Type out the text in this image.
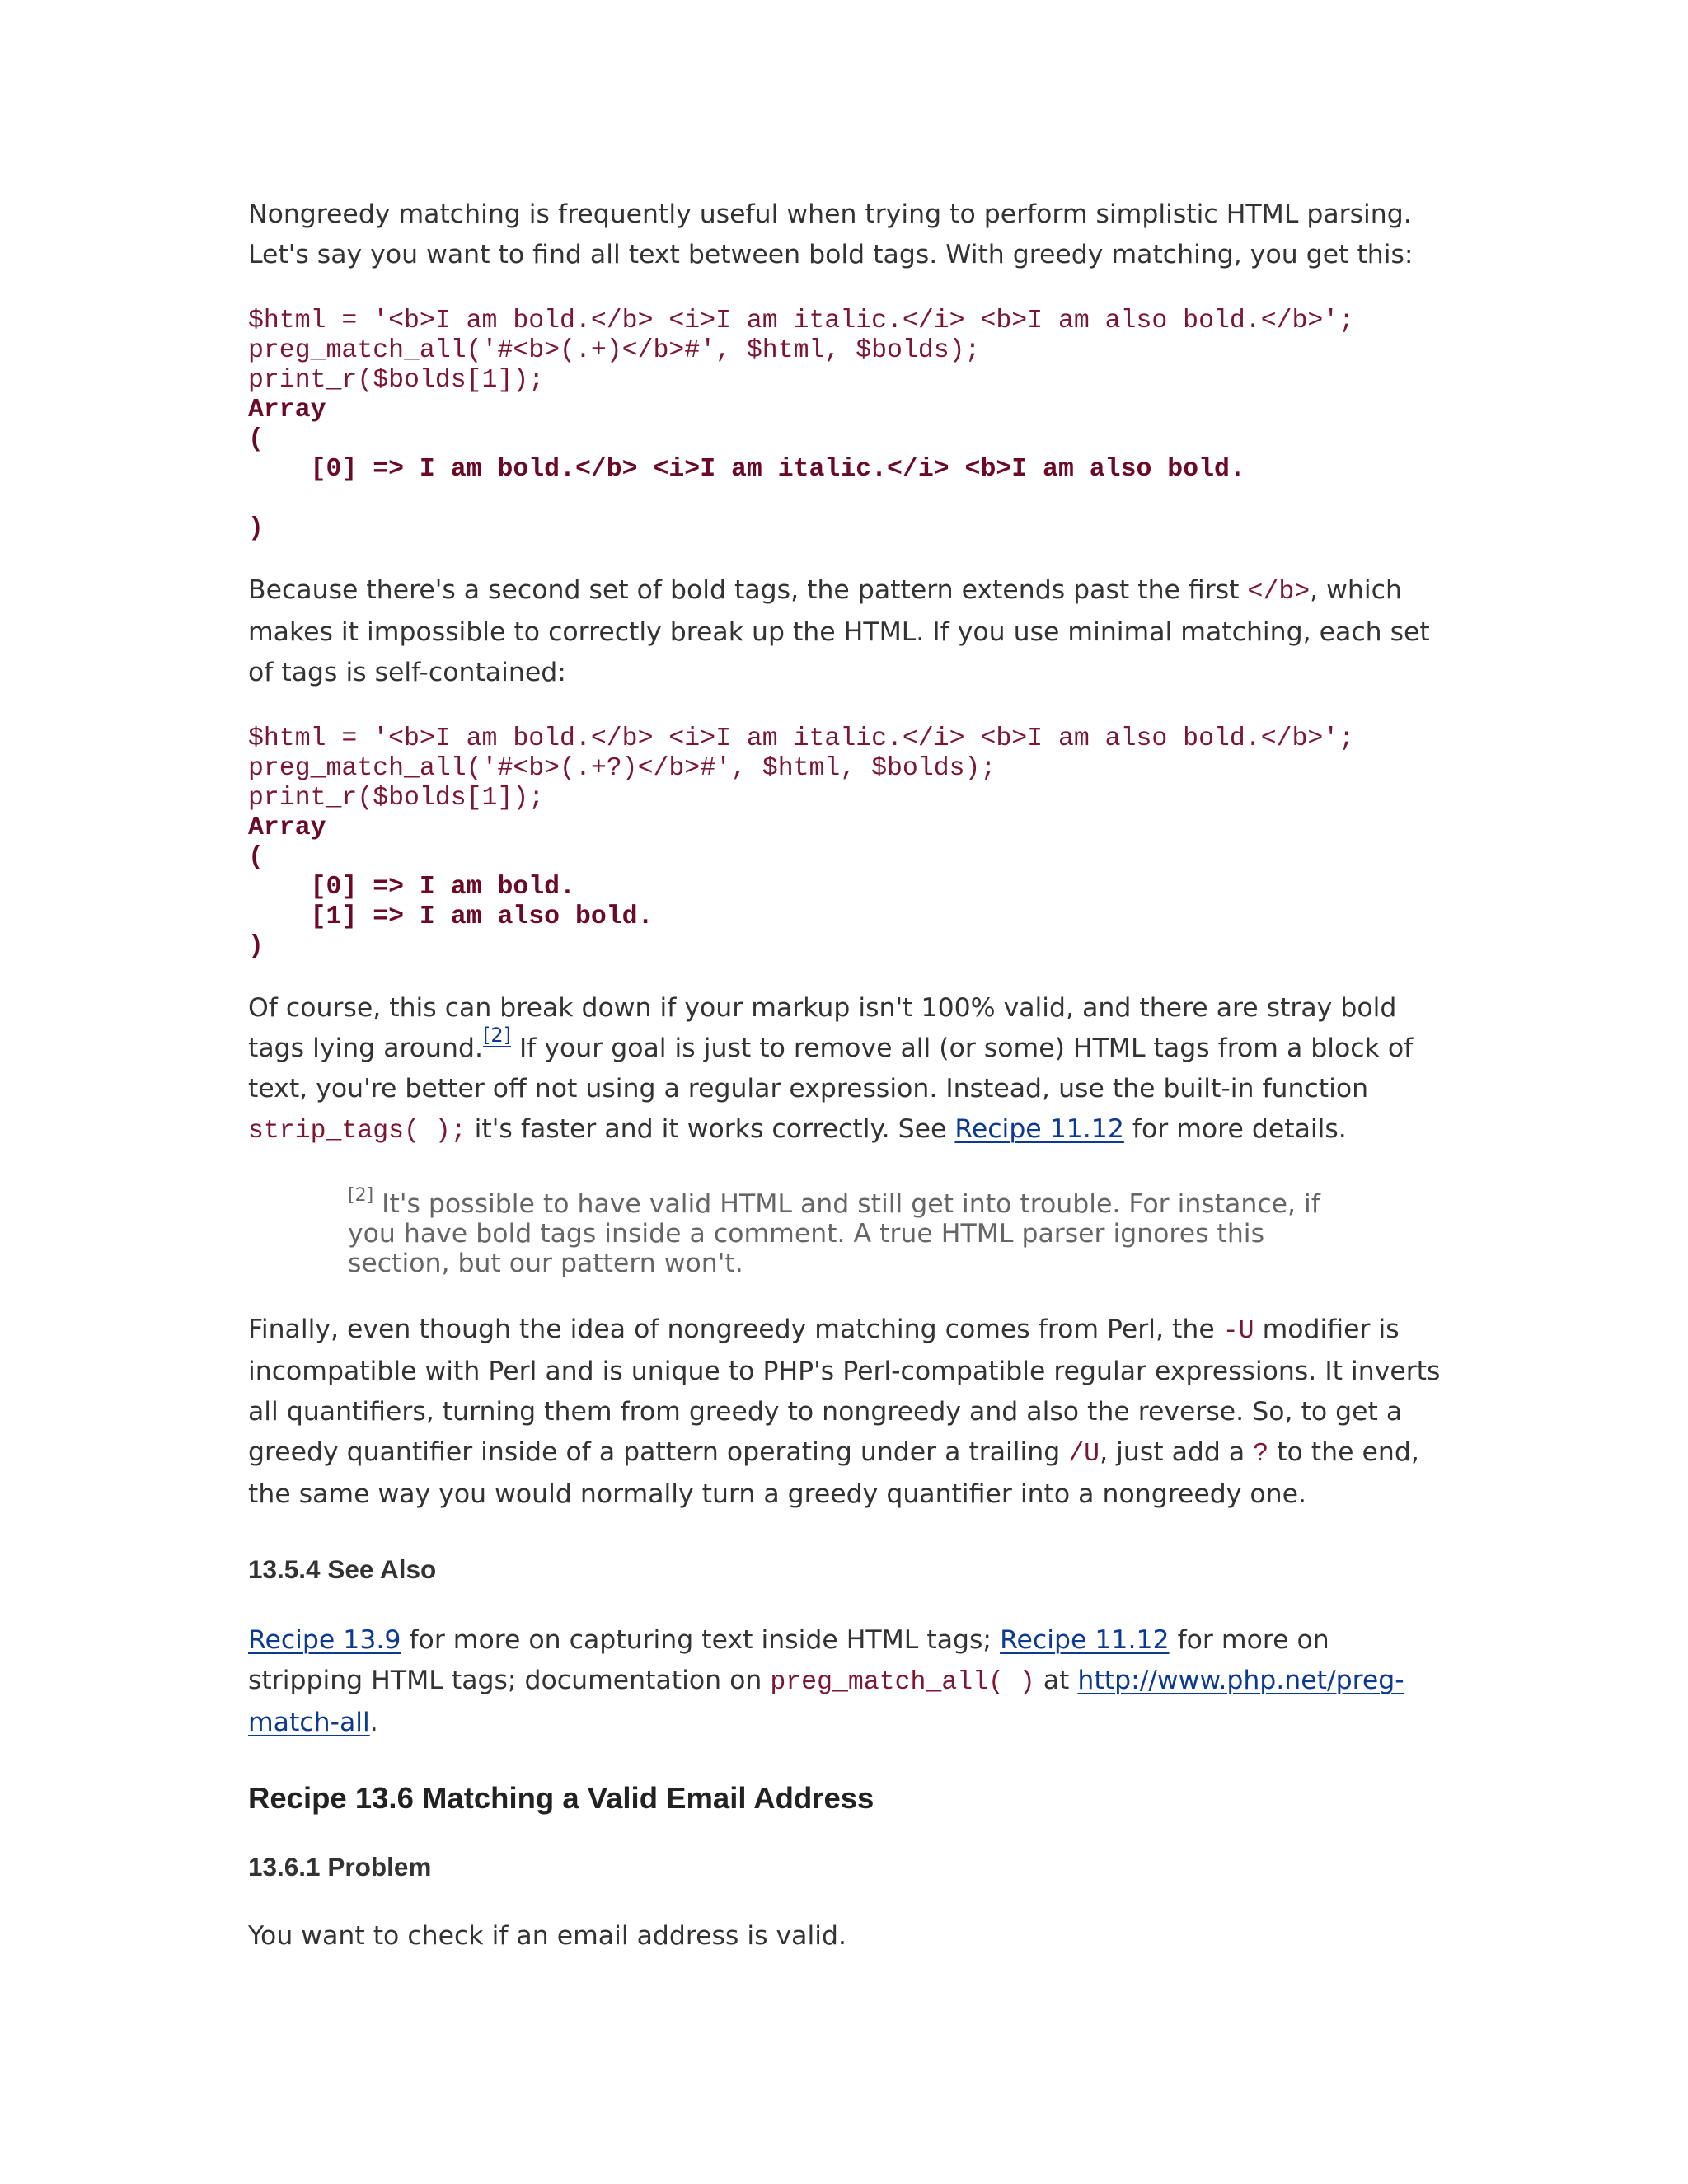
Nongreedy matching is frequently useful when trying to perform simplistic HTML parsing. Let's say you want to find all text between bold tags. With greedy matching, you get this:

$html = '<b>I am bold.</b> <i>I am italic.</i> <b>I am also bold.</b>';
preg_match_all('#<b>(.+)</b>#', $html, $bolds);
print_r($bolds[1]);
Array
(
[0] => I am bold.</b> <i>I am italic.</i> <b>I am also bold.

)

Because there's a second set of bold tags, the pattern extends past the first </b>, which makes it impossible to correctly break up the HTML. If you use minimal matching, each set of tags is self-contained:

$html = '<b>I am bold.</b> <i>I am italic.</i> <b>I am also bold.</b>';
preg_match_all('#<b>(.+?)</b>#', $html, $bolds);
print_r($bolds[1]);
Array
(
[0] => I am bold.
[1] => I am also bold.
)

Of course, this can break down if your markup isn't 100% valid, and there are stray bold tags lying around.[2] If your goal is just to remove all (or some) HTML tags from a block of text, you're better off not using a regular expression. Instead, use the built-in function strip_tags( ); it's faster and it works correctly. See Recipe 11.12 for more details.

[2] It's possible to have valid HTML and still get into trouble. For instance, if you have bold tags inside a comment. A true HTML parser ignores this section, but our pattern won't.

Finally, even though the idea of nongreedy matching comes from Perl, the -U modifier is incompatible with Perl and is unique to PHP's Perl-compatible regular expressions. It inverts all quantifiers, turning them from greedy to nongreedy and also the reverse. So, to get a greedy quantifier inside of a pattern operating under a trailing /U, just add a ? to the end, the same way you would normally turn a greedy quantifier into a nongreedy one.

13.5.4 See Also

Recipe 13.9 for more on capturing text inside HTML tags; Recipe 11.12 for more on stripping HTML tags; documentation on preg_match_all( ) at http://www.php.net/preg-match-all.

Recipe 13.6 Matching a Valid Email Address
13.6.1 Problem

You want to check if an email address is valid.
